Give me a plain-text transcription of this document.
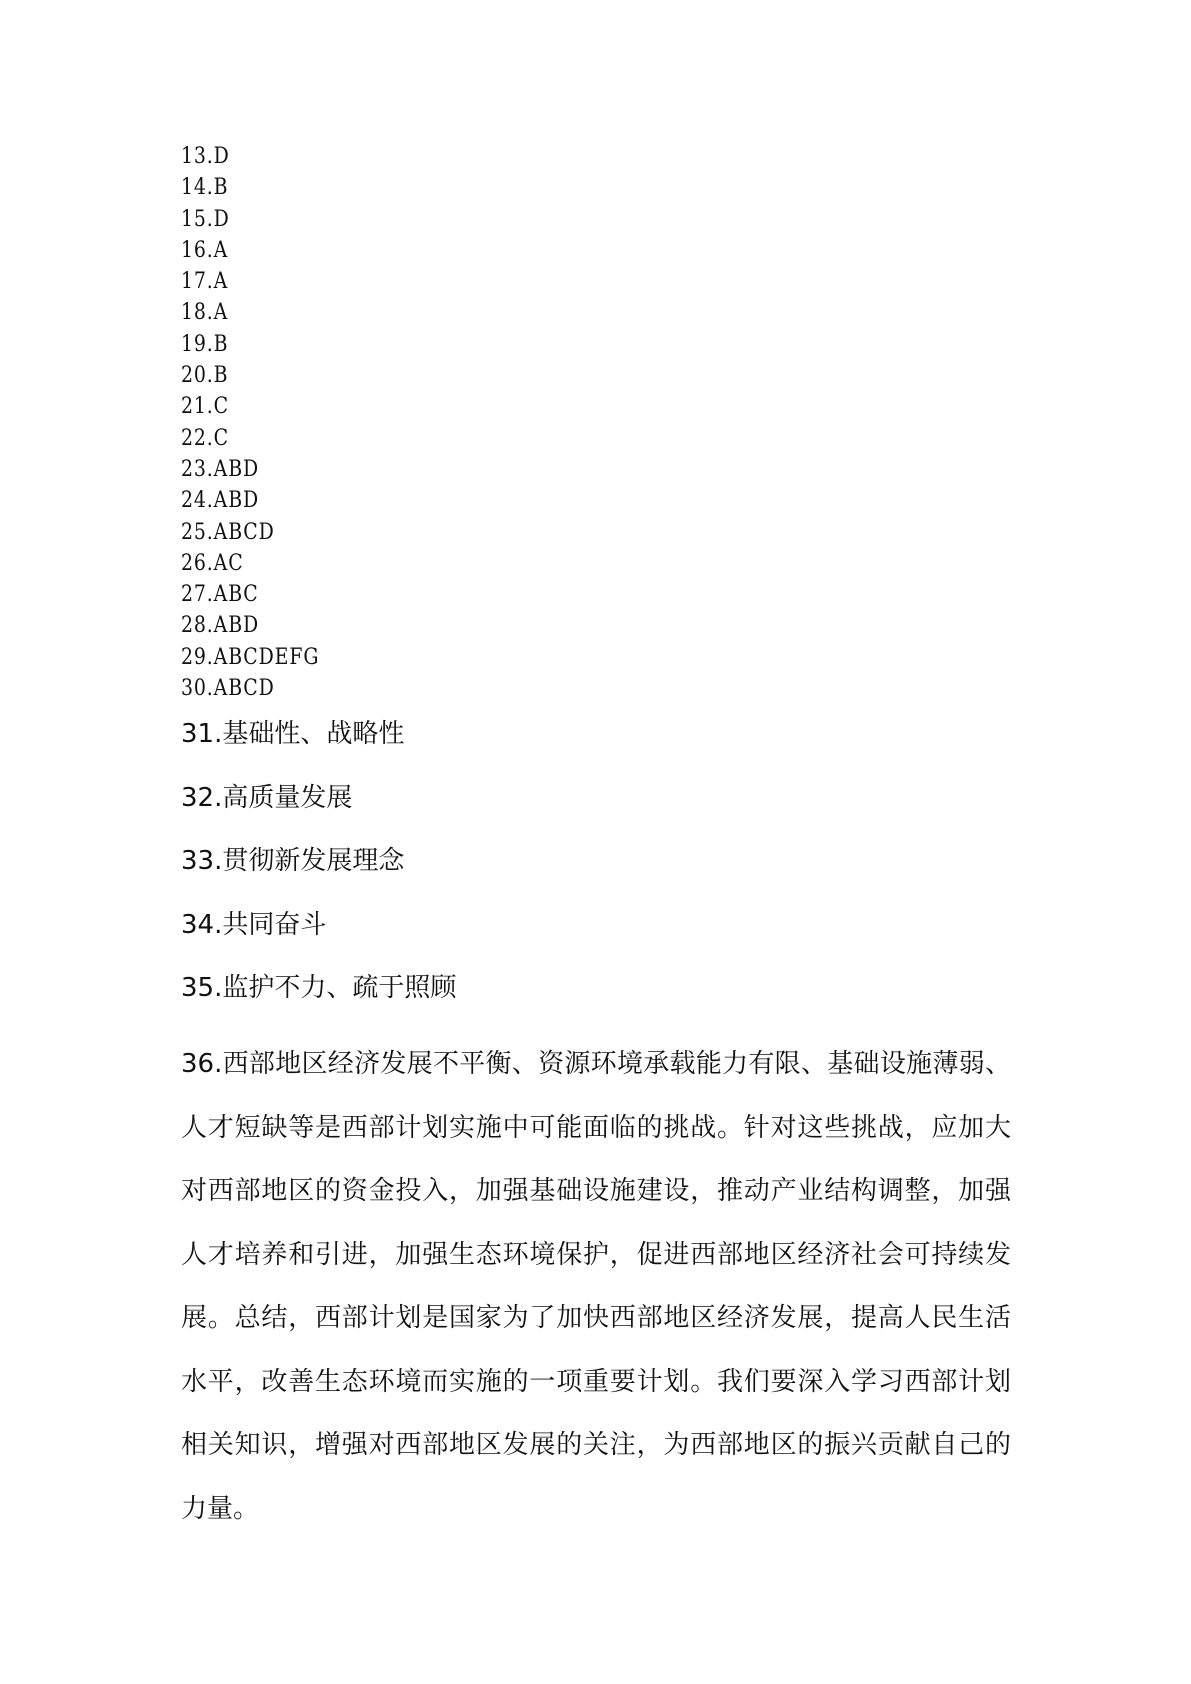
13.D
14.B
15.D
16.A
17.A
18.A
19.B
20.B
21.C
22.C
23.ABD
24.ABD
25.ABCD
26.AC
27.ABC
28.ABD
29.ABCDEFG
30.ABCD
31.基础性、战略性
32.高质量发展
33.贯彻新发展理念
34.共同奋斗
35.监护不力、疏于照顾

36.西部地区经济发展不平衡、资源环境承载能力有限、基础设施薄弱、人才短缺等是西部计划实施中可能面临的挑战。针对这些挑战，应加大对西部地区的资金投入，加强基础设施建设，推动产业结构调整，加强人才培养和引进，加强生态环境保护，促进西部地区经济社会可持续发展。总结，西部计划是国家为了加快西部地区经济发展，提高人民生活水平，改善生态环境而实施的一项重要计划。我们要深入学习西部计划相关知识，增强对西部地区发展的关注，为西部地区的振兴贡献自己的力量。
